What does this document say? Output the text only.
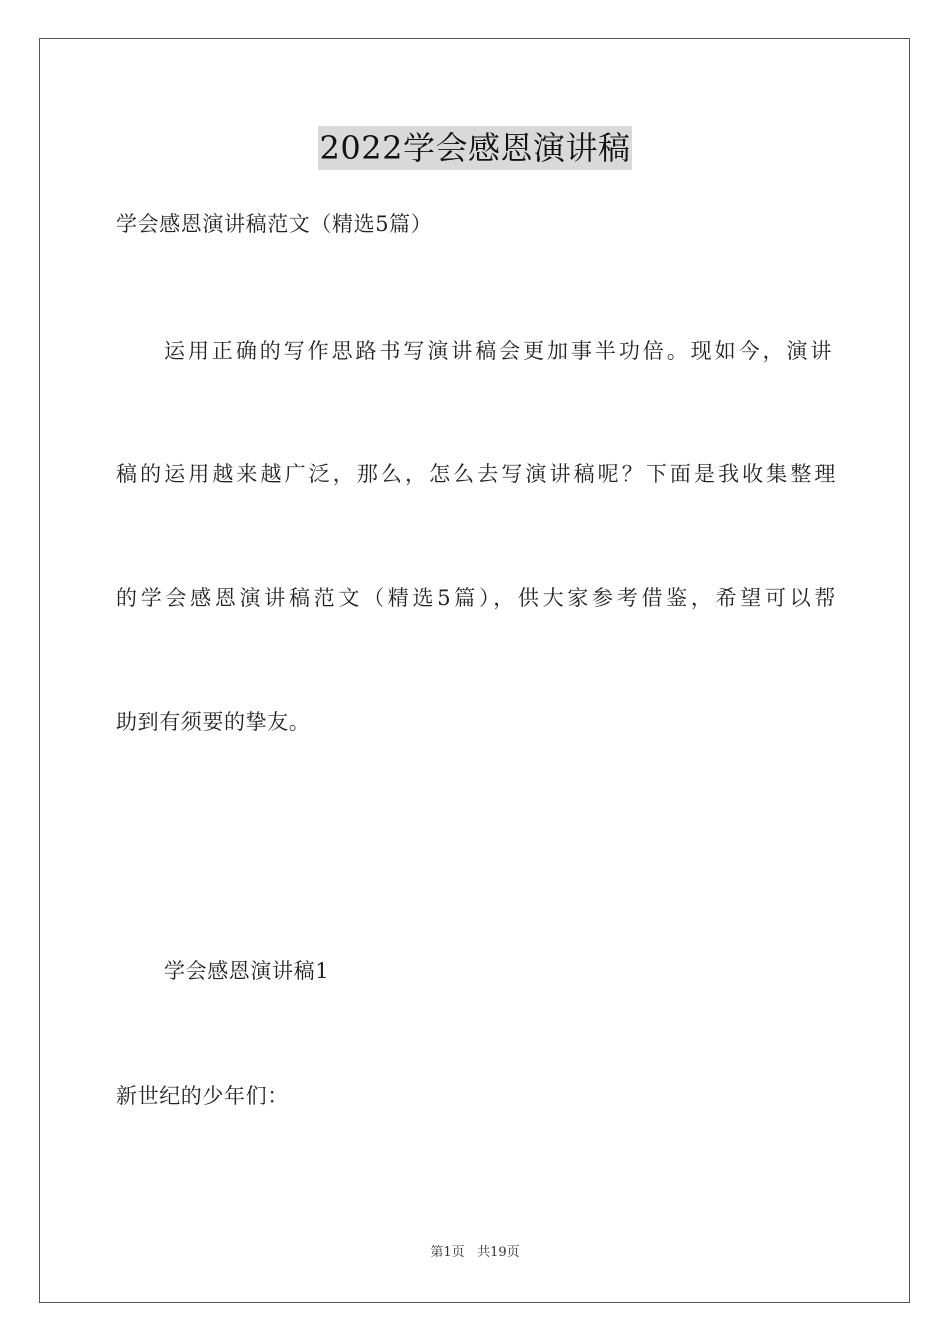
2022学会感恩演讲稿
学会感恩演讲稿范文（精选5篇）
运用正确的写作思路书写演讲稿会更加事半功倍。现如今，演讲
稿的运用越来越广泛，那么，怎么去写演讲稿呢？下面是我收集整理
的学会感恩演讲稿范文（精选5篇），供大家参考借鉴，希望可以帮
助到有须要的挚友。
学会感恩演讲稿1
新世纪的少年们：
第1页 共19页
